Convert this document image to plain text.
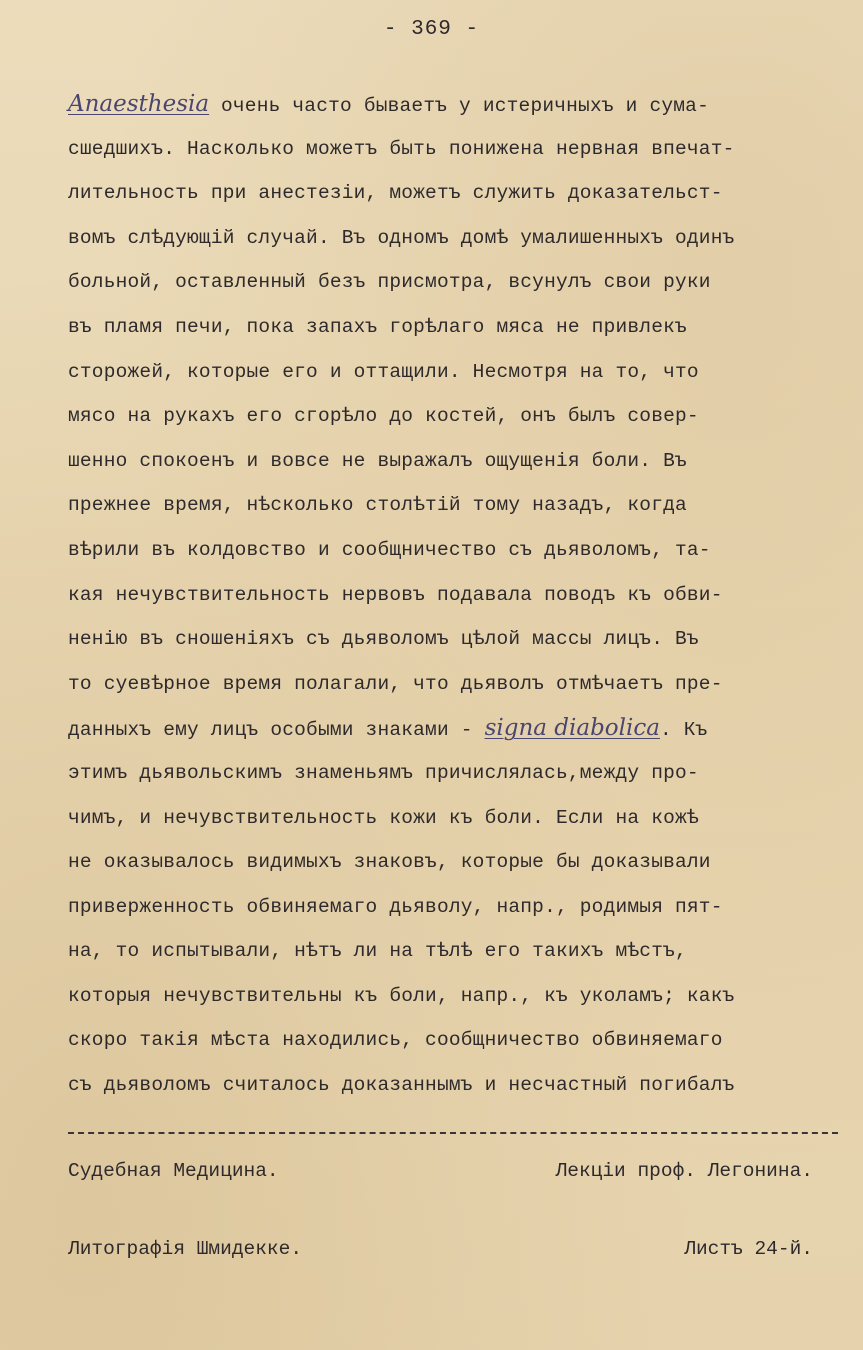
- 369 -
Anaesthesia очень часто бываетъ у истеричныхъ и сума-
сшедшихъ. Насколько можетъ быть понижена нервная впечат-
лительность при анестезіи, можетъ служить доказательст-
вомъ слѣдующій случай. Въ одномъ домѣ умалишенныхъ одинъ
больной, оставленный безъ присмотра, всунулъ свои руки
въ пламя печи, пока запахъ горѣлаго мяса не привлекъ
сторожей, которые его и оттащили. Несмотря на то, что
мясо на рукахъ его сгорѣло до костей, онъ былъ совер-
шенно спокоенъ и вовсе не выражалъ ощущенія боли. Въ
прежнее время, нѣсколько столѣтій тому назадъ, когда
вѣрили въ колдовство и сообщничество съ дьяволомъ, та-
кая нечувствительность нервовъ подавала поводъ къ обви-
ненію въ сношеніяхъ съ дьяволомъ цѣлой массы лицъ. Въ
то суевѣрное время полагали, что дьяволъ отмѣчаетъ пре-
данныхъ ему лицъ особыми знаками - signa diabolica. Къ
этимъ дьявольскимъ знаменьямъ причислялась,между про-
чимъ, и нечувствительность кожи къ боли. Если на кожѣ
не оказывалось видимыхъ знаковъ, которые бы доказывали
приверженность обвиняемаго дьяволу, напр., родимыя пят-
на, то испытывали, нѣтъ ли на тѣлѣ его такихъ мѣстъ,
которыя нечувствительны къ боли, напр., къ уколамъ; какъ
скоро такія мѣста находились, сообщничество обвиняемаго
съ дьяволомъ считалось доказаннымъ и несчастный погибалъ
Судебная Медицина.	Лекціи проф. Легонина.
Литографія Шмидекке.	Листъ 24-й.
